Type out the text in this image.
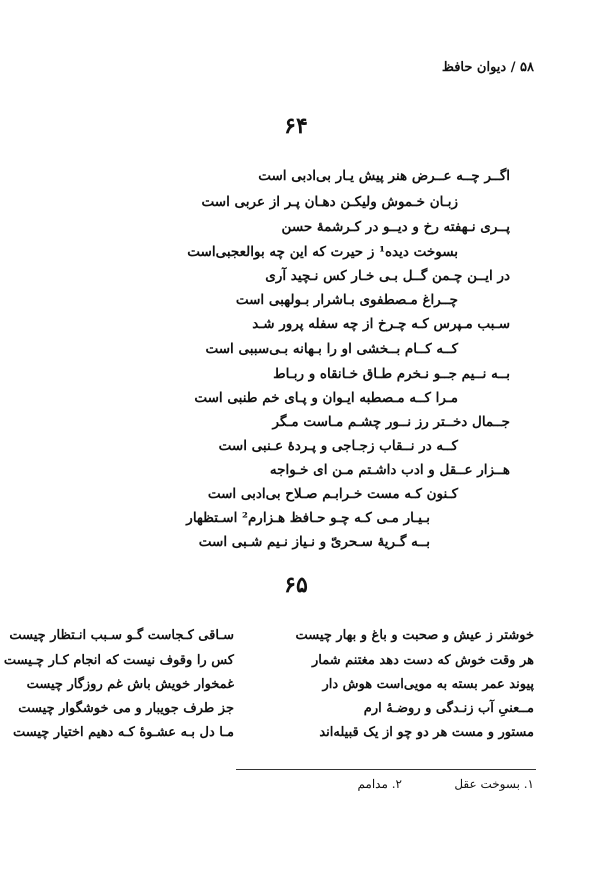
۵۸ / دیوان حافظ
۶۴
اگــر چــه عــرض هنر پیش یـار بی‌ادبی است
زبـان خـموش ولیکـن دهـان پـر از عربی است
پــری نـهفته رخ و دیــو در کـرشمهٔ حسن
بسوخت دیده¹ ز حیرت که این چه بوالعجبی‌است
در ایــن چـمن گــل بـی خـار کس نـچید آری
چــراغ مـصطفوی بـاشرار بـولهبی است
سـبب مـپرس کـه چـرخ از چه سفله پرور شـد
کــه کــام بــخشی او را بـهانه بـی‌سببی است
بــه نــیم جــو نـخرم طـاق خـانقاه و ربـاط
مـرا کــه مـصطبه ایـوان و پـای خم طنبی است
جــمال دخــتر رز نــور چشـم مـاست مـگر
کــه در نــقاب زجـاجی و پـردهٔ عـنبی است
هــزار عــقل و ادب داشـتم مـن ای خـواجه
کـنون کـه مست خـرابـم صـلاح بی‌ادبی است
بـیـار مـی کـه چـو حـافظ هـزارم² اسـتظهار
بــه گـریهٔ سـحریّ و نـیاز نـیم شـبی است
۶۵
خوشتر ز عیش و صحبت و باغ و بهار چیست
سـاقی کـجاست گـو سـبب انـتظار چیست
هر وقت خوش که دست دهد مغتنم شمار
کس را وقوف نیست که انجام کـار چـیست
پیوند عمر بسته به مویی‌است هوش دار
غمخوار خویش باش غم روزگار چیست
مــعنیِ آب زنـدگی و روضـهٔ ارم
جز طرف جویبار و می خوشگوار چیست
مستور و مست هر دو چو از یک قبیله‌اند
مـا دل بـه عشـوهٔ کـه دهیم اختیار چیست
۱. بسوخت عقل
۲. مدامم
